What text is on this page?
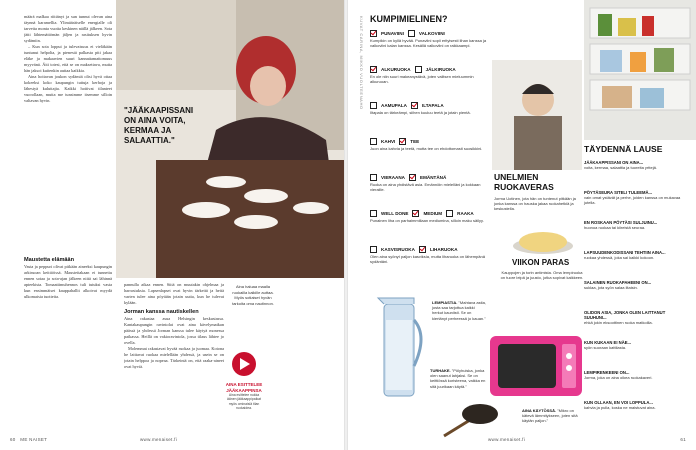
määrä malkaa riittänyt ja sun tunnut olevan aina täynnä karamellia. Ylimääräiselle energialle oli tarvetta monta vuotta keskinen näillä jälkeen. Sota jätti lähtemättömän jäljen ja rasituksen hyvin sydämiin.

– Kun sota loppui ja tulevaisuus ei vieläkään tuntunut helpolta, ja pienestä palkasta piti jakaa eläke ja makaavien suuri kannattamattomuus myyvänä. Äiti totesi, että se on maksettava, mutta hän jaksoi kuitenkin auttaa kaikkia.

Aina hoitavan joukon sydämiä olisi hyvä ottaa kokeeksi koko kaupungin tuttuja kerhoja ja lähestyä kuluttajia. Kaikki hoitivat tilanteet vuorollaan, mutta me tunsimme itsemme silloin valtavan hyvin.

"JÄÄKAAPISSANI ON AINA VOITA, KERMAA JA SALAATTIA."
Maustetta elämään

Vasta ja peppuri olivat pitkään aineeksi kaupungin arkiruoan keittiöissä. Mausteitakaan ei tunnettu ennen sotaa ja sota-ajan jälkeen niitä sai lähinnä apteekista. Tomaattimuhennos tuli tutuksi vasta kun ensimmäiset kauppahallit alkoivat myydä ulkomaisia tuotteita.

pannulla aikaa ennen. Siitä on muutakin ohjelmaa ja harrastuksia. Lapsenlapset ovat hyvin tärkeitä ja heitä varten tulee aina pöytään jotain uutta, kun he tulevat kylään.

Jorman kanssa nautiskellen

Aina rakastaa asua Helsingin keskustassa. Kantakaupungin ravintolat ovat aina kävelymatkan päässä ja yhdessä Jorman kanssa tulee käytyä monessa paikassa. Heillä on vakioravintola, jossa tilaus lähtee jo ovella.

Molemmat rakastavat hyvää ruokaa ja juomaa. Kotona he laittavat ruokaa mielellään yhdessä, ja usein se on jotain helppoa ja nopeaa. Tärkeintä on, että raaka-aineet ovat hyviä.

Aina haluaa maalla ruokailla kaikille auttaa. Myös sotiaiset hyvän tarkoita oma nautinnon.
AINA ESITTELEE
JÄÄKAAPPINSA
Aina esittelee nukka äänen jääkaappipaikat myös ominaisiä tilan ruokaidea.
60 ME NAISET	www.menaiset.fi
KUVAT CARINA, MIKKO VUOLTEENAHO KUMPIMIELINEN?
PUNAVIINI	VALKOVIINI
Kumpikin on kyllä hyvää. Punaviini sopii erityisesti lihan kanssa ja valkoviini kalan kanssa. Kesällä valkoviini on raikkaampi.
ALKURUOKA	JÄLKIRUOKA
En ole niin suuri makeanystävä, joten valitsen mieluummin alkuruoan.
AAMUPALA	ILTAPALA
Iltapala on tärkeämpi, siihen kuuluu teetä ja jotain pientä.
KAHVI	TEE
Juon aina kahvia ja teetä, mutta tee on ehdottomasti suosikkini.
VIERAANA	EMÄNTÄNÄ
Ruoka on aina yhdistävä asia. Emännöin mielelläni ja kokkaan vieraille.
WELL DONE	MEDIUM	RAAKA
Punainen liha on parhaimmillaan mediumina, silloin maku säilyy.
KASVISRUOKA	LIHARUOKA
Olen aina syönyt paljon kasviksia, mutta liharuoka on lähempänä sydäntäni.
LEMPIASTIA. "Mahtava astia, josta saa tarjottua kaikki herkut kauniisti. Se on kiertänyt perheessä jo kauan."
UNELMIEN RUOKAVERAS
Jorma Uotinen, jota hän on tuntenut pitkään ja jonka kanssa on hauska jakaa ruokahetkiä ja keskustella.
VIIKON PARAS
Kauppojen ja torin antimista. Oma lempiruoka on tuore leipä ja juusto, jotka sopivat kaikkeen.
TURHAKE. "Pölyhuiska, jonka olen saanut lahjaksi. Se on keittiössä koristeena, vaikka en sitä juurikaan käytä."
AINA KÄYTÖSSÄ. "Mikro on kätevä lämmitykseen, joten sitä käytän paljon."
TÄYDENNÄ LAUSE
JÄÄKAAPPISSANI ON AINA...
voita, kermaa, salaattia ja tuoreita yrttejä.
PÖYTÄSEURA SITELI TULEEMÄ...
vain omat ystävät ja perhe, joiden kanssa on mukavaa jutella.
EN ROSKAAN PÖYTÄSI SULJUINU...
huonoa ruokaa tai kiireistä seuraa.
LAPSUUDENKODISSANI TEHTIIN AINA...
ruokaa yhdessä, joka sai kaikki kokoon.
SALAINEN RUOKAPAHEENI ON...
suklaa, jota syön salaa iltaisin.
OLIDON ASIA, JONKA OLEN LAITTANUT SUUHUNI...
ehkä jokin eksoottinen ruoka matkoilla.
KUN KUKAAN EI NÄE...
syön suoraan kattilasta.
LEMPIRENKEENI ON...
Jorma, joka on aina oikea ruokakaveri.
KUN OLLAAN, EN VOI LOPPULA...
kahvia ja pulla, koska ne maistuvat aina.
www.menaiset.fi	61
